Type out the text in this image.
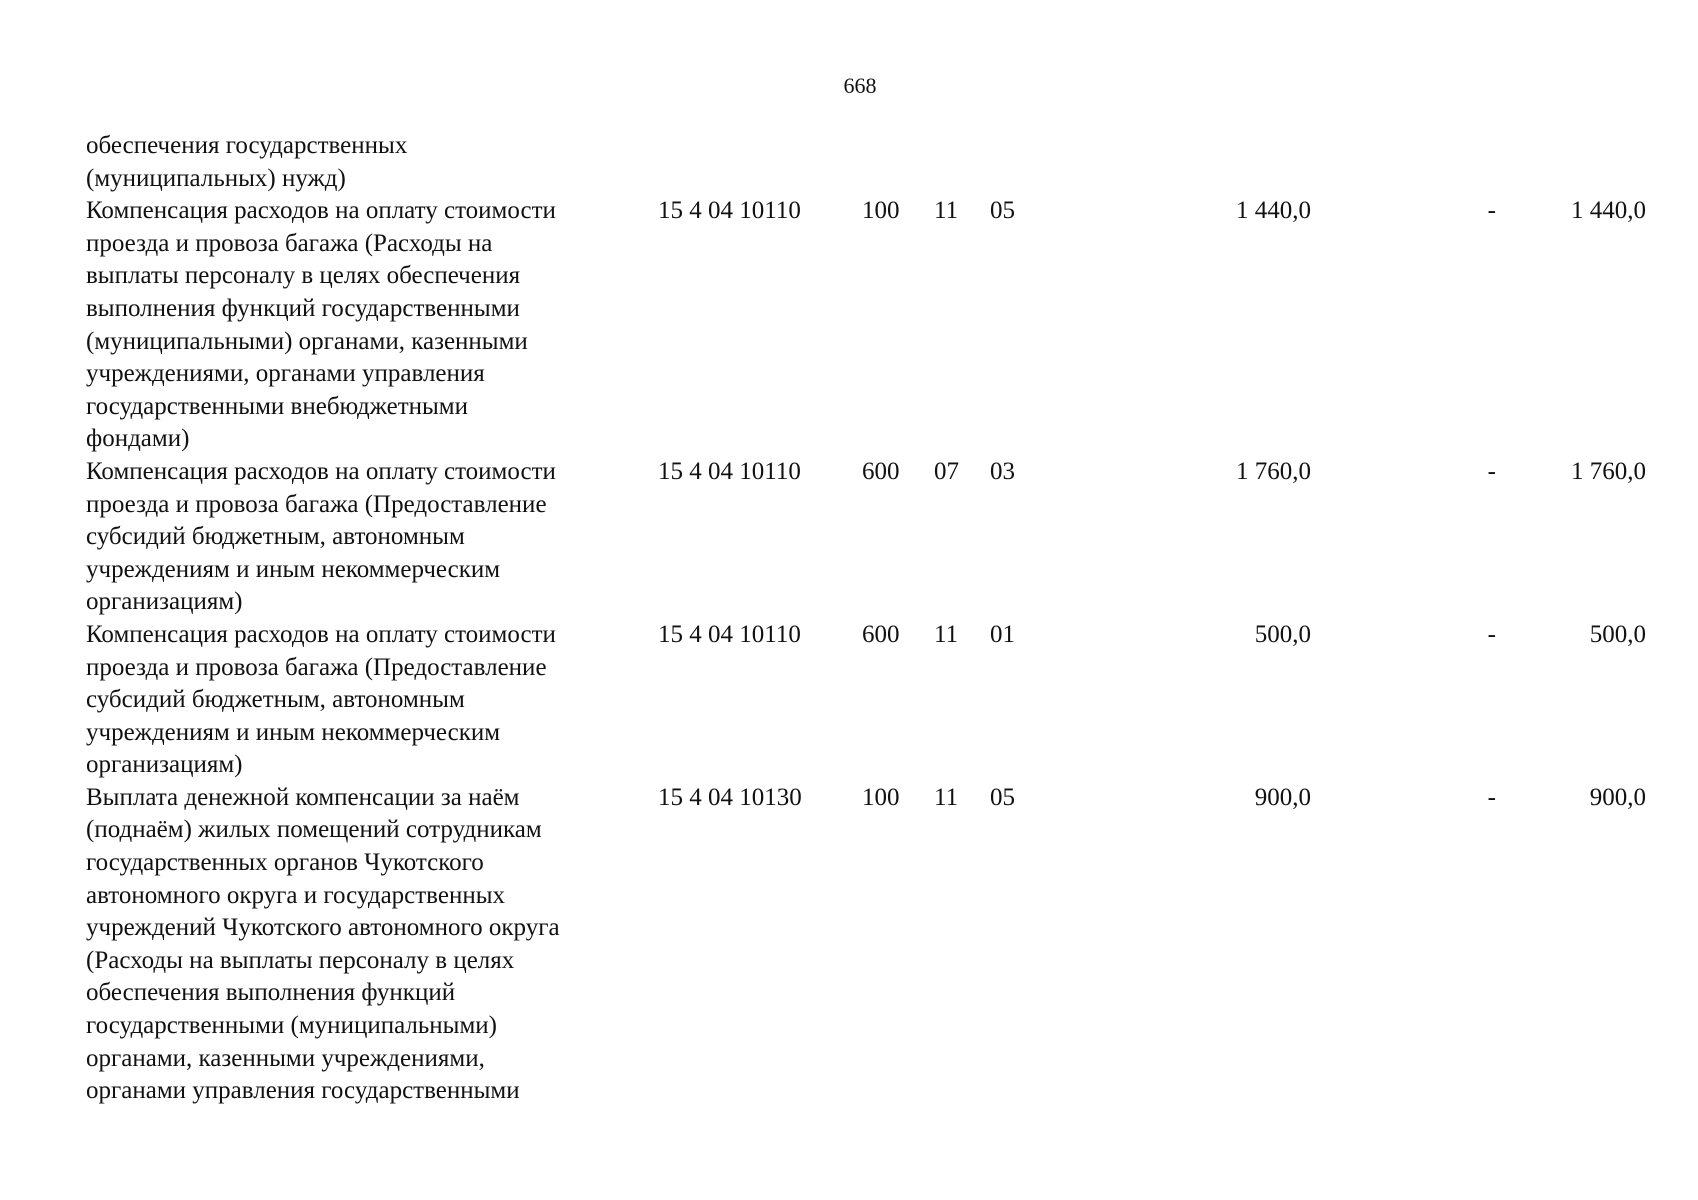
668
обеспечения государственных
(муниципальных) нужд)
Компенсация расходов на оплату стоимости
проезда и провоза багажа (Расходы на
выплаты персоналу в целях обеспечения
выполнения функций государственными
(муниципальными) органами, казенными
учреждениями, органами управления
государственными внебюджетными
фондами)
15 4 04 10110 100 11 05	1 440,0	-	1 440,0
Компенсация расходов на оплату стоимости
проезда и провоза багажа (Предоставление
субсидий бюджетным, автономным
учреждениям и иным некоммерческим
организациям)
15 4 04 10110 600 07 03	1 760,0	-	1 760,0
Компенсация расходов на оплату стоимости
проезда и провоза багажа (Предоставление
субсидий бюджетным, автономным
учреждениям и иным некоммерческим
организациям)
15 4 04 10110 600 11 01	500,0	-	500,0
Выплата денежной компенсации за наём
(поднаём) жилых помещений сотрудникам
государственных органов Чукотского
автономного округа и государственных
учреждений Чукотского автономного округа
(Расходы на выплаты персоналу в целях
обеспечения выполнения функций
государственными (муниципальными)
органами, казенными учреждениями,
органами управления государственными
15 4 04 10130 100 11 05	900,0	-	900,0
